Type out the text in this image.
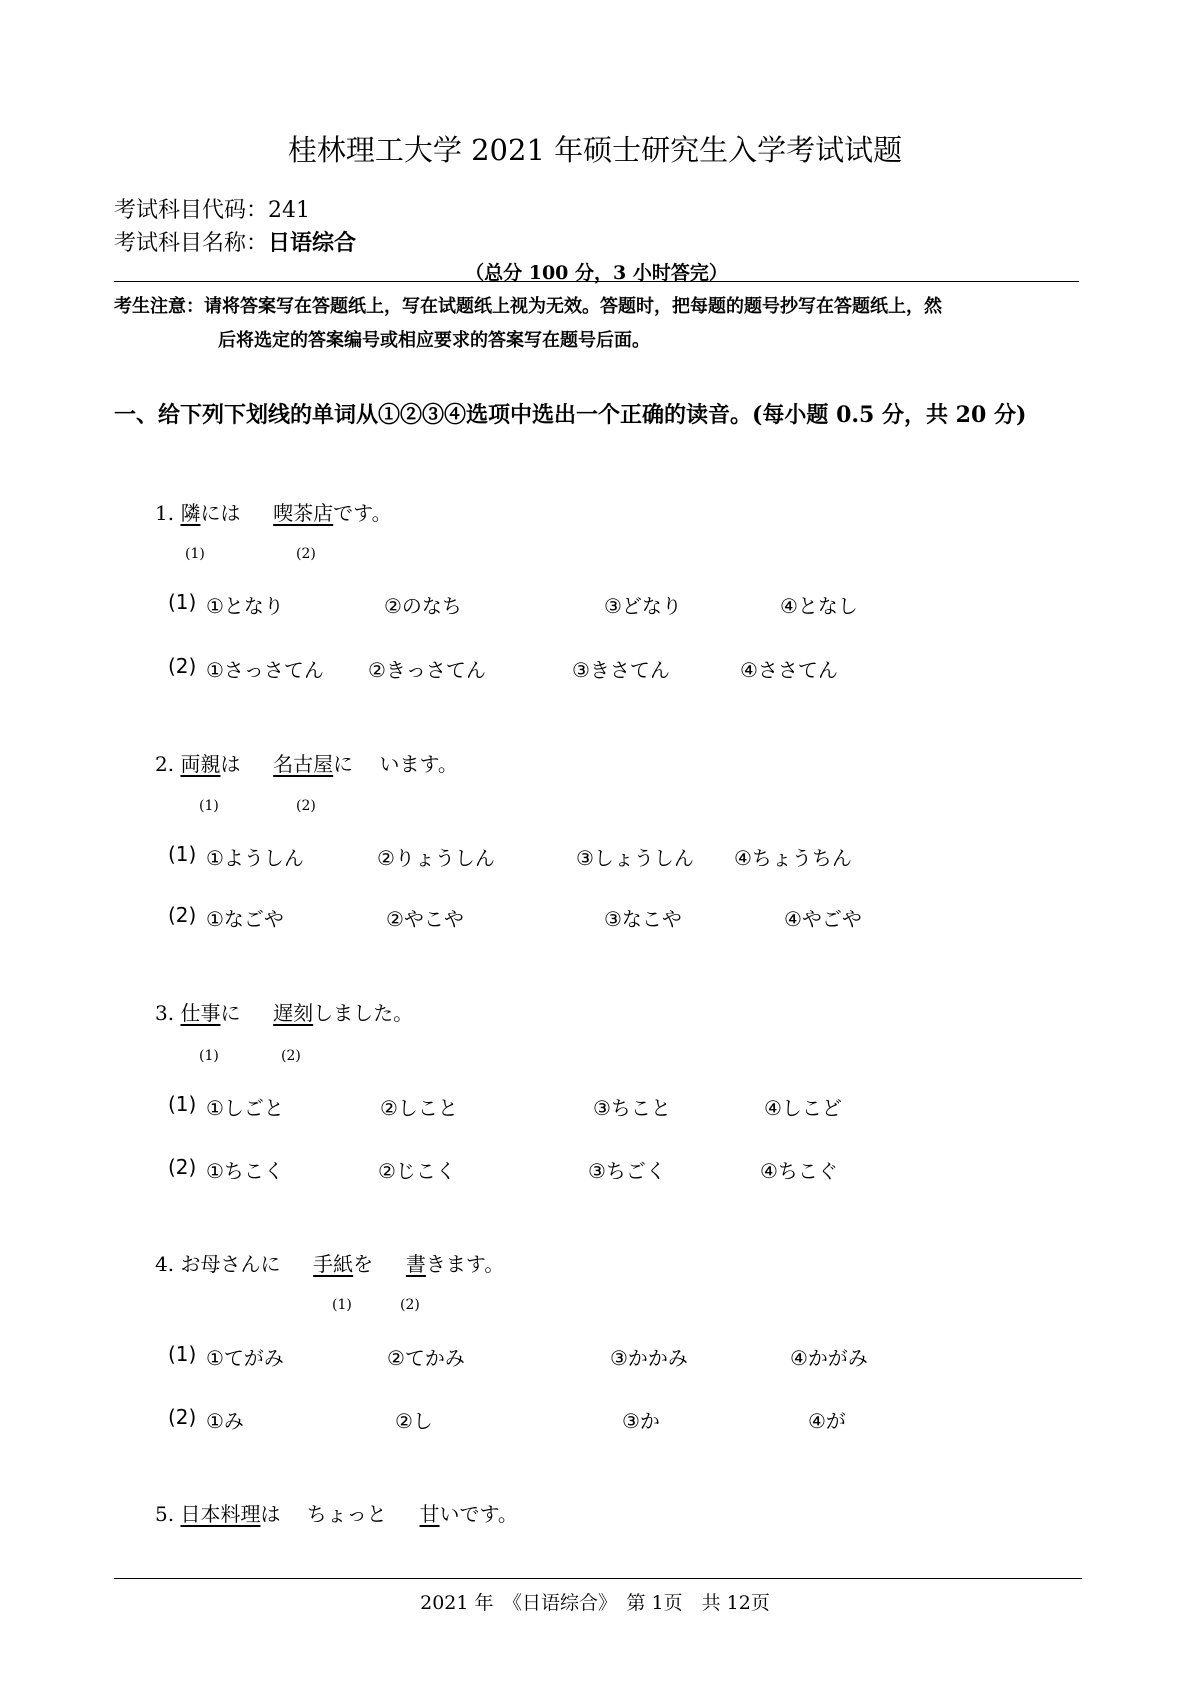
桂林理工大学 2021 年硕士研究生入学考试试题
考试科目代码：241
考试科目名称：日语综合
（总分 100 分，3 小时答完）
考生注意：请将答案写在答题纸上，写在试题纸上视为无效。答题时，把每题的题号抄写在答题纸上，然
后将选定的答案编号或相应要求的答案写在题号后面。
一、给下列下划线的单词从①②③④选项中选出一个正确的读音。(每小题 0.5 分，共 20 分)
1. 隣には　  喫茶店です。
(1)	(2)
(1) ①となり	②のなち	③どなり	④となし
(2) ①さっさてん ②きっさてん	③きさてん	④ささてん
2. 両親は　  名古屋に　 います。
(1)	(2)
(1) ①ようしん	②りょうしん	③しょうしん ④ちょうちん
(2) ①なごや	②やこや	③なこや	④やごや
3. 仕事に　  遅刻しました。
(1)	(2)
(1) ①しごと	②しこと	③ちこと	④しこど
(2) ①ちこく	②じこく	③ちごく	④ちこぐ
4. お母さんに　  手紙を　  書きます。
(1)	(2)
(1) ①てがみ	②てかみ	③かかみ	④かがみ
(2) ①み	②し	③か	④が
5. 日本料理は　 ちょっと　  甘いです。
2021 年　《日语综合》　第 1页　共 12页
